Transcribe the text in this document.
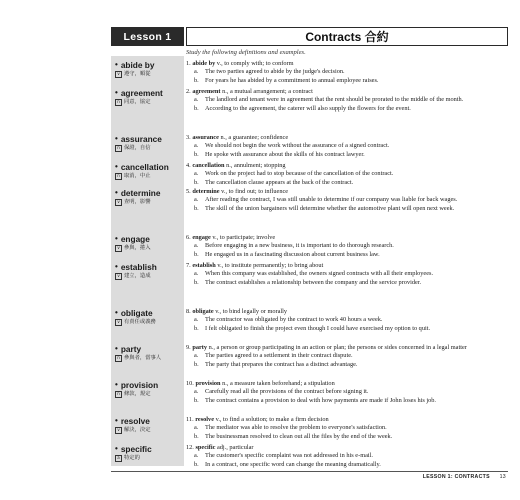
Lesson 1	Contracts 合約
Study the following definitions and examples.
• abide by
v 遵守，順從
• agreement
n 同意，協定
• assurance
n 保證，自信
• cancellation
n 取消，中止
• determine
v 查明，影響
• engage
v 參與，捲入
• establish
v 建立，造成
• obligate
v 有責任或義務
• party
n 參與者，當事人
• provision
n 條款，規定
• resolve
v 解決，決定
• specific
a 特定的
1. abide by v., to comply with; to conform
a.	The two parties agreed to abide by the judge's decision.
b. For years he has abided by a commitment to annual employee raises.
2. agreement n., a mutual arrangement; a contract
a.	The landlord and tenant were in agreement that the rent should be prorated to the middle of the month.
b. According to the agreement, the caterer will also supply the flowers for the event.
3. assurance n., a guarantee; confidence
a.	We should not begin the work without the assurance of a signed contract.
b. He spoke with assurance about the skills of his contract lawyer.
4. cancellation n., annulment; stopping
a.	Work on the project had to stop because of the cancellation of the contract.
b. The cancellation clause appears at the back of the contract.
5. determine v., to find out; to influence
a.	After reading the contract, I was still unable to determine if our company was liable for back wages.
b. The skill of the union bargainers will determine whether the automotive plant will open next week.
6. engage v., to participate; involve
a.	Before engaging in a new business, it is important to do thorough research.
b. He engaged us in a fascinating discussion about current business law.
7. establish v., to institute permanently; to bring about
a.	When this company was established, the owners signed contracts with all their employees.
b. The contract establishes a relationship between the company and the service provider.
8. obligate v., to bind legally or morally
a.	The contractor was obligated by the contract to work 40 hours a week.
b. I felt obligated to finish the project even though I could have exercised my option to quit.
9. party n., a person or group participating in an action or plan; the persons or sides concerned in a legal matter
a.	The parties agreed to a settlement in their contract dispute.
b. The party that prepares the contract has a distinct advantage.
10. provision n., a measure taken beforehand; a stipulation
a.	Carefully read all the provisions of the contract before signing it.
b. The contract contains a provision to deal with how payments are made if John loses his job.
11. resolve v., to find a solution; to make a firm decision
a.	The mediator was able to resolve the problem to everyone's satisfaction.
b. The businessman resolved to clean out all the files by the end of the week.
12. specific adj., particular
a.	The customer's specific complaint was not addressed in his e-mail.
b. In a contract, one specific word can change the meaning dramatically.
LESSON 1: CONTRACTS 13
